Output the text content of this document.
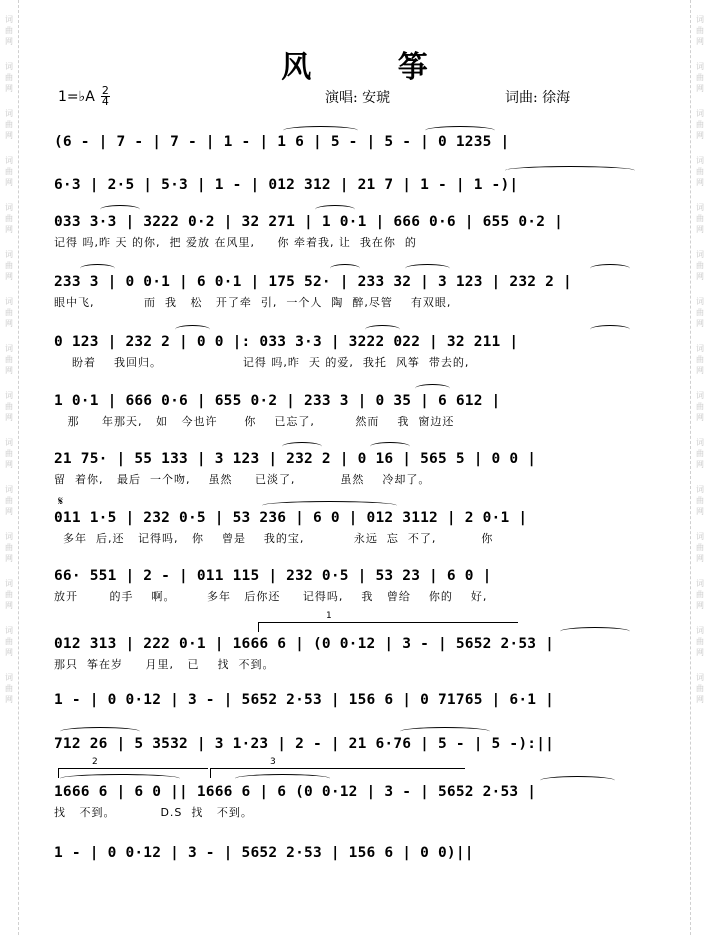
词曲网
词曲网
词曲网
词曲网
词曲网
词曲网
词曲网
词曲网
词曲网
词曲网
词曲网
词曲网
词曲网
词曲网
词曲网
词曲网
词曲网
词曲网
词曲网
词曲网
词曲网
词曲网
词曲网
词曲网
词曲网
词曲网
词曲网
词曲网
词曲网
词曲网
风 筝
1=♭A $\frac{2}{4}$	演唱: 安琥	词曲: 徐海
(6 - | 7 - | 7 - | 1 - | 1 6 | 5 - | 5 - | 0 1235 |
6·3 | 2·5 | 5·3 | 1 - | 012 312 | 21 7 | 1 - | 1 -)|
033 3·3 | 3222 0·2 | 32 271 | 1 0·1 | 666 0·6 | 655 0·2 |
记得 吗,昨 天 的你,  把 爱放 在风里,     你 牵着我, 让  我在你  的
233 3 | 0 0·1 | 6 0·1 | 175 52· | 233 32 | 3 123 | 232 2 |
眼中飞,           而  我   松   开了牵  引,  一个人  陶  醉,尽管    有双眼,
0 123 | 232 2 | 0 0 |: 033 3·3 | 3222 022 | 32 211 |
盼着    我回归。                  记得 吗,昨  天 的爱,  我托  风筝  带去的,
1 0·1 | 666 0·6 | 655 0·2 | 233 3 | 0 35 | 6 612 |
那     年那天,   如   今也许      你    已忘了,         然而    我  窗边还
21 75· | 55 133 | 3 123 | 232 2 | 0 16 | 565 5 | 0 0 |
留  着你,   最后  一个吻,    虽然     已淡了,          虽然    冷却了。
011 1·5 | 232 0·5 | 53 236 | 6 0 | 012 3112 | 2 0·1 |
多年  后,还   记得吗,   你    曾是    我的宝,           永远  忘  不了,          你
66· 551 | 2 - | 011 115 | 232 0·5 | 53 23 | 6 0 |
放开       的手    啊。       多年   后你还     记得吗,    我   曾给    你的    好,
012 313 | 222 0·1 | 1666 6 | (0 0·12 | 3 - | 5652 2·53 |
那只  筝在岁     月里,   已    找  不到。
1 - | 0 0·12 | 3 - | 5652 2·53 | 156 6 | 0 71765 | 6·1 |
712 26 | 5 3532 | 3 1·23 | 2 - | 21 6·76 | 5 - | 5 -):||
1666 6 | 6 0 || 1666 6 | 6 (0 0·12 | 3 - | 5652 2·53 |
找   不到。          D.S  找   不到。
1 - | 0 0·12 | 3 - | 5652 2·53 | 156 6 | 0 0)||
1
2	3
𝄋
